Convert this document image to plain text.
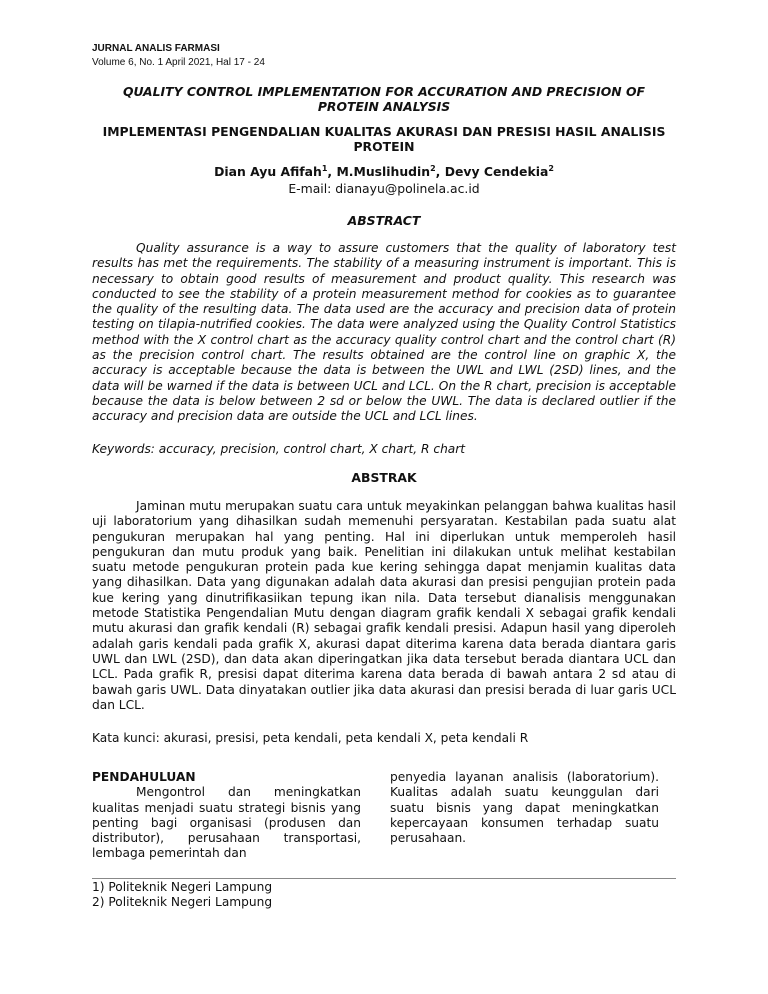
JURNAL ANALIS FARMASI
Volume 6, No. 1 April 2021, Hal 17 - 24
QUALITY CONTROL IMPLEMENTATION FOR ACCURATION AND PRECISION OF PROTEIN ANALYSIS
IMPLEMENTASI PENGENDALIAN KUALITAS AKURASI DAN PRESISI HASIL ANALISIS PROTEIN
Dian Ayu Afifah$^1$, M.Muslihudin$^2$, Devy Cendekia$^2$
E-mail: dianayu@polinela.ac.id
ABSTRACT

Quality assurance is a way to assure customers that the quality of laboratory test results has met the requirements. The stability of a measuring instrument is important. This is necessary to obtain good results of measurement and product quality. This research was conducted to see the stability of a protein measurement method for cookies as to guarantee the quality of the resulting data. The data used are the accuracy and precision data of protein testing on tilapia-nutrified cookies. The data were analyzed using the Quality Control Statistics method with the X control chart as the accuracy quality control chart and the control chart (R) as the precision control chart. The results obtained are the control line on graphic X, the accuracy is acceptable because the data is between the UWL and LWL (2SD) lines, and the data will be warned if the data is between UCL and LCL. On the R chart, precision is acceptable because the data is below between 2 sd or below the UWL. The data is declared outlier if the accuracy and precision data are outside the UCL and LCL lines.

Keywords: accuracy, precision, control chart, X chart, R chart

ABSTRAK

Jaminan mutu merupakan suatu cara untuk meyakinkan pelanggan bahwa kualitas hasil uji laboratorium yang dihasilkan sudah memenuhi persyaratan. Kestabilan pada suatu alat pengukuran merupakan hal yang penting. Hal ini diperlukan untuk memperoleh hasil pengukuran dan mutu produk yang baik. Penelitian ini dilakukan untuk melihat kestabilan suatu metode pengukuran protein pada kue kering sehingga dapat menjamin kualitas data yang dihasilkan. Data yang digunakan adalah data akurasi dan presisi pengujian protein pada kue kering yang dinutrifikasiikan tepung ikan nila. Data tersebut dianalisis menggunakan metode Statistika Pengendalian Mutu dengan diagram grafik kendali X sebagai grafik kendali mutu akurasi dan grafik kendali (R) sebagai grafik kendali presisi. Adapun hasil yang diperoleh adalah garis kendali pada grafik X, akurasi dapat diterima karena data berada diantara garis UWL dan LWL (2SD), dan data akan diperingatkan jika data tersebut berada diantara UCL dan LCL. Pada grafik R, presisi dapat diterima karena data berada di bawah antara 2 sd atau di bawah garis UWL. Data dinyatakan outlier jika data akurasi dan presisi berada di luar garis UCL dan LCL.

Kata kunci: akurasi, presisi, peta kendali, peta kendali X, peta kendali R

PENDAHULUAN
Mengontrol dan meningkatkan kualitas menjadi suatu strategi bisnis yang penting bagi organisasi (produsen dan distributor), perusahaan transportasi, lembaga pemerintah dan
penyedia layanan analisis (laboratorium). Kualitas adalah suatu keunggulan dari suatu bisnis yang dapat meningkatkan kepercayaan konsumen terhadap suatu perusahaan.
1) Politeknik Negeri Lampung
2) Politeknik Negeri Lampung
